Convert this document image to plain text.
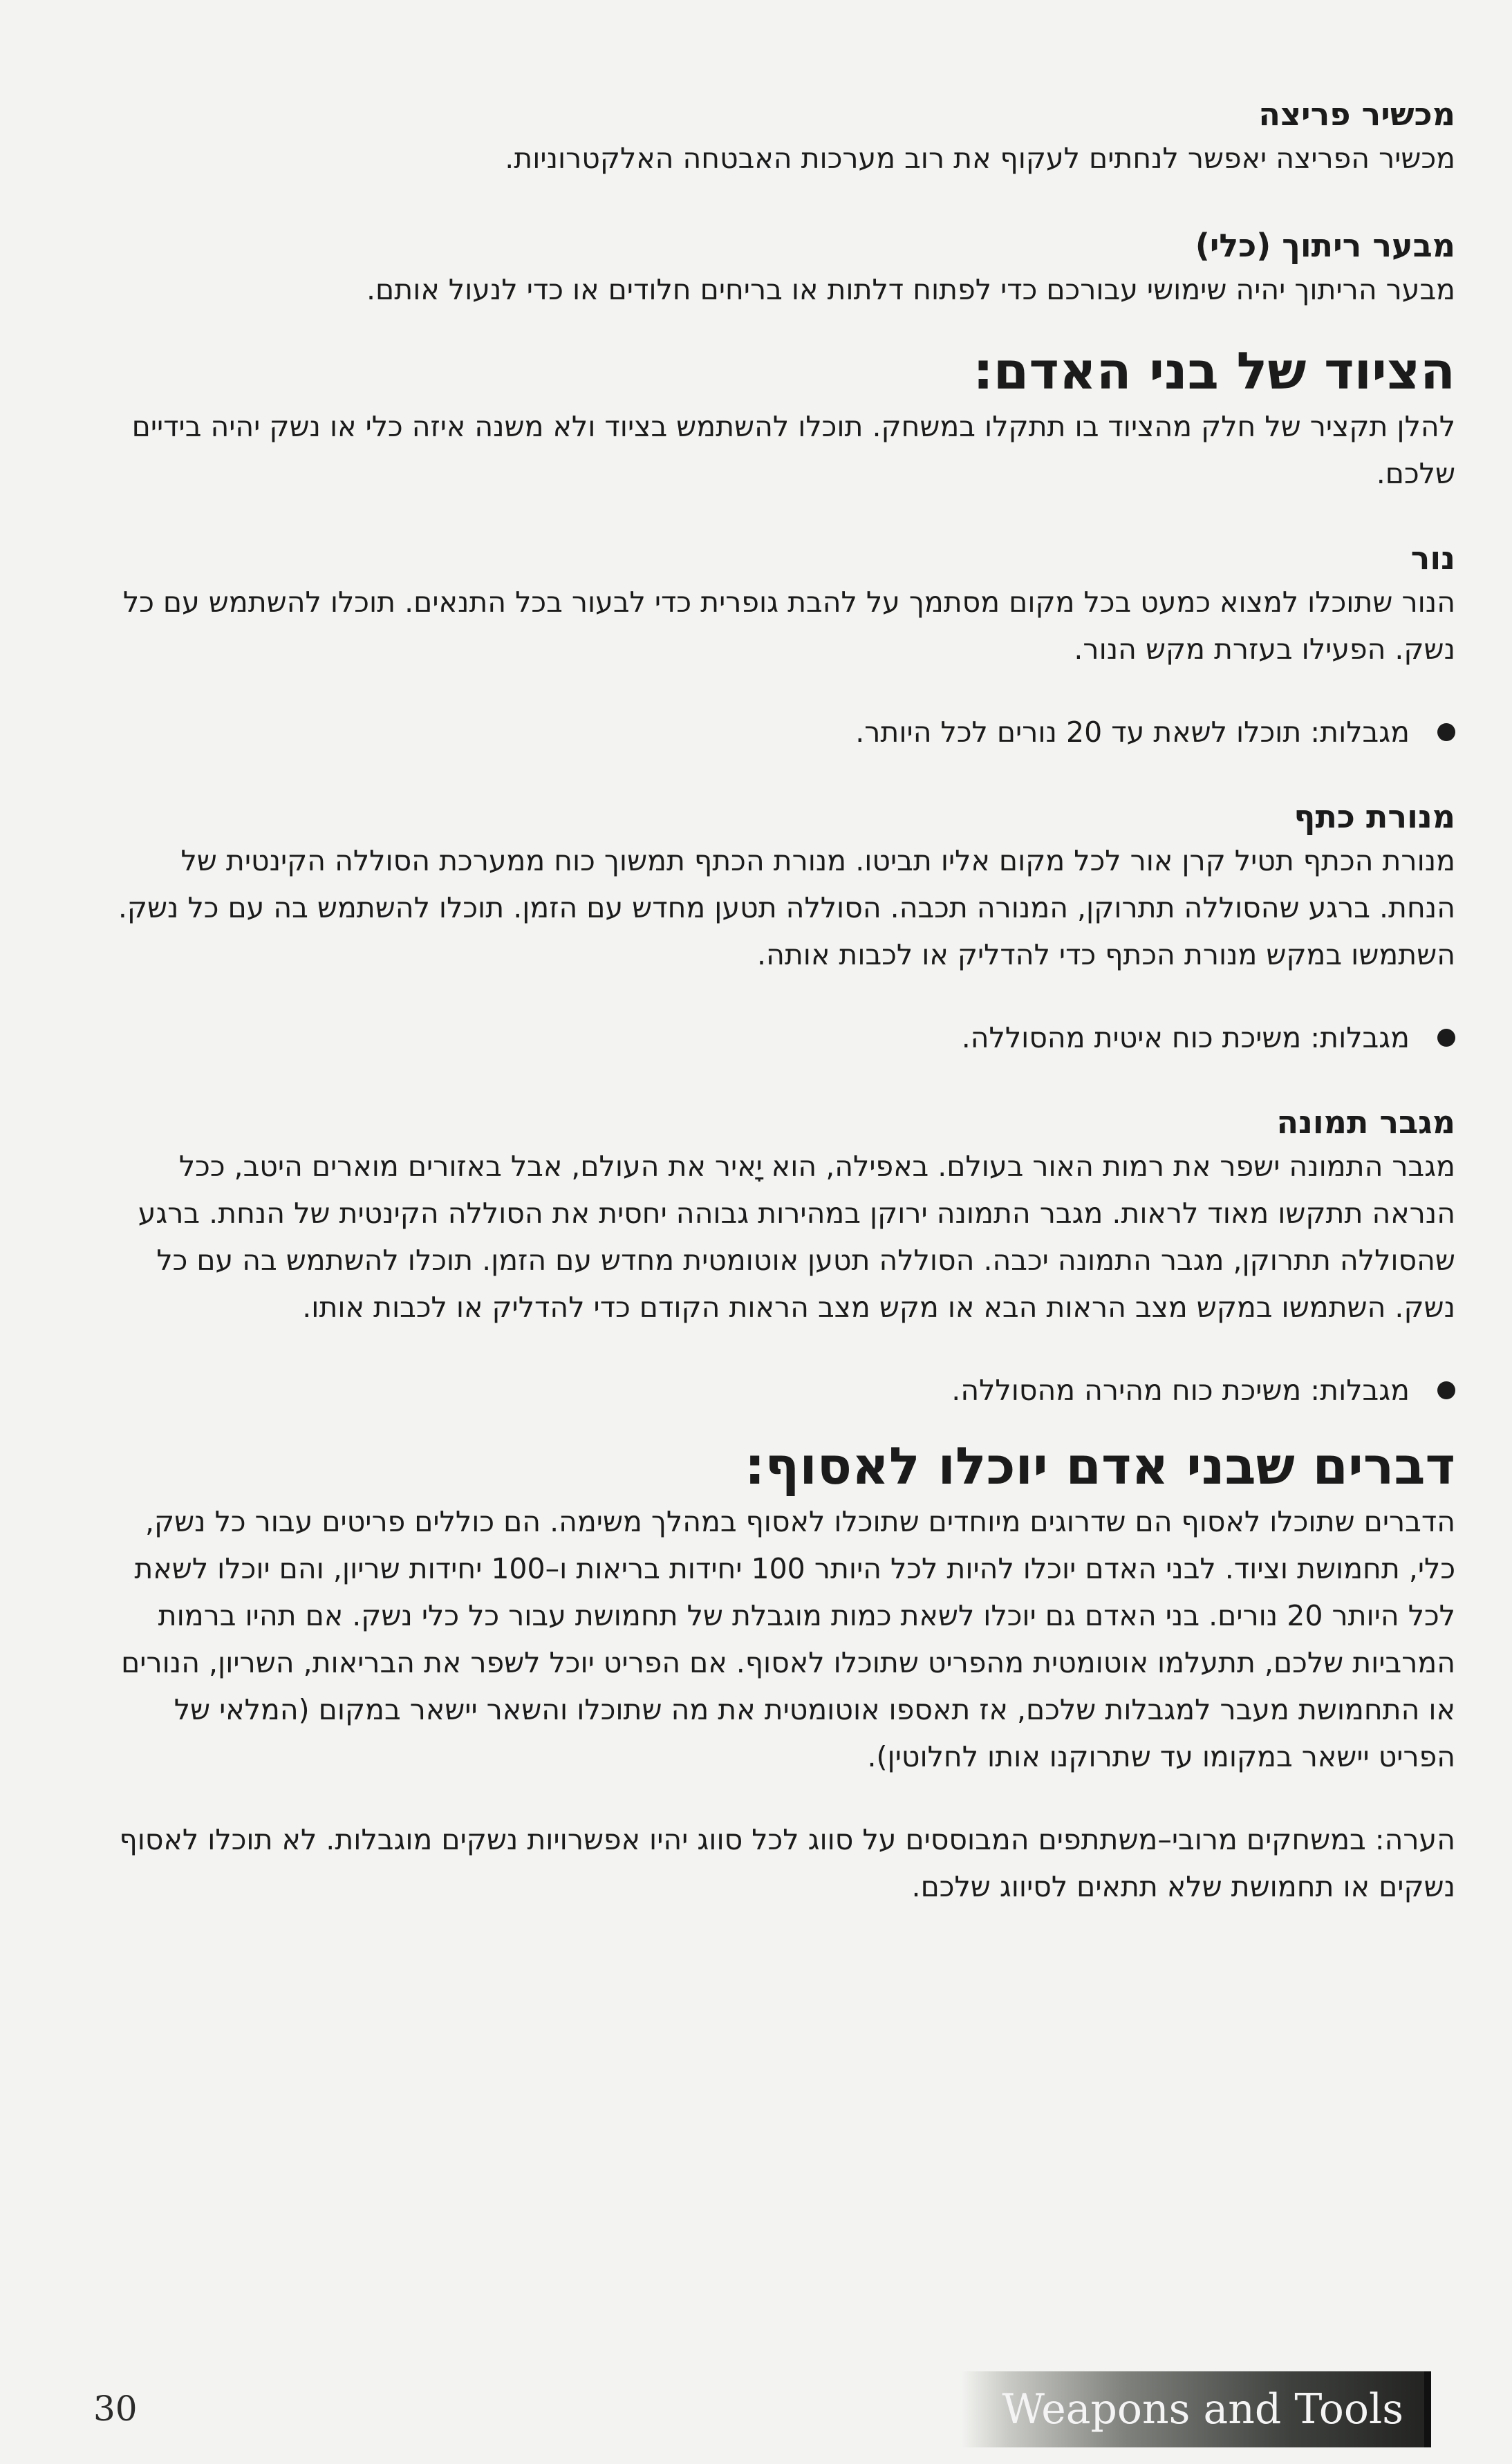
מכשיר פריצה

מכשיר הפריצה יאפשר לנחתים לעקוף את רוב מערכות האבטחה האלקטרוניות.

מבער ריתוך (כלי)

מבער הריתוך יהיה שימושי עבורכם כדי לפתוח דלתות או בריחים חלודים או כדי לנעול אותם.

הציוד של בני האדם:

להלן תקציר של חלק מהציוד בו תתקלו במשחק. תוכלו להשתמש בציוד ולא משנה איזה כלי או נשק יהיה בידיים שלכם.

נור

הנור שתוכלו למצוא כמעט בכל מקום מסתמך על להבת גופרית כדי לבעור בכל התנאים. תוכלו להשתמש עם כל נשק. הפעילו בעזרת מקש הנור.

מגבלות: תוכלו לשאת עד 20 נורים לכל היותר.
מנורת כתף

מנורת הכתף תטיל קרן אור לכל מקום אליו תביטו. מנורת הכתף תמשוך כוח ממערכת הסוללה הקינטית של הנחת. ברגע שהסוללה תתרוקן, המנורה תכבה. הסוללה תטען מחדש עם הזמן. תוכלו להשתמש בה עם כל נשק. השתמשו במקש מנורת הכתף כדי להדליק או לכבות אותה.

מגבלות: משיכת כוח איטית מהסוללה.
מגבר תמונה

מגבר התמונה ישפר את רמות האור בעולם. באפילה, הוא יָאיר את העולם, אבל באזורים מוארים היטב, ככל הנראה תתקשו מאוד לראות. מגבר התמונה ירוקן במהירות גבוהה יחסית את הסוללה הקינטית של הנחת. ברגע שהסוללה תתרוקן, מגבר התמונה יכבה. הסוללה תטען אוטומטית מחדש עם הזמן. תוכלו להשתמש בה עם כל נשק. השתמשו במקש מצב הראות הבא או מקש מצב הראות הקודם כדי להדליק או לכבות אותו.

מגבלות: משיכת כוח מהירה מהסוללה.
דברים שבני אדם יוכלו לאסוף:

הדברים שתוכלו לאסוף הם שדרוגים מיוחדים שתוכלו לאסוף במהלך משימה. הם כוללים פריטים עבור כל נשק, כלי, תחמושת וציוד. לבני האדם יוכלו להיות לכל היותר 100 יחידות בריאות ו–100 יחידות שריון, והם יוכלו לשאת לכל היותר 20 נורים. בני האדם גם יוכלו לשאת כמות מוגבלת של תחמושת עבור כל כלי נשק. אם תהיו ברמות המרביות שלכם, תתעלמו אוטומטית מהפריט שתוכלו לאסוף. אם הפריט יוכל לשפר את הבריאות, השריון, הנורים או התחמושת מעבר למגבלות שלכם, אז תאספו אוטומטית את מה שתוכלו והשאר יישאר במקום (המלאי של הפריט יישאר במקומו עד שתרוקנו אותו לחלוטין).

הערה: במשחקים מרובי–משתתפים המבוססים על סווג לכל סווג יהיו אפשרויות נשקים מוגבלות. לא תוכלו לאסוף נשקים או תחמושת שלא תתאים לסיווג שלכם.

30	Weapons and Tools
